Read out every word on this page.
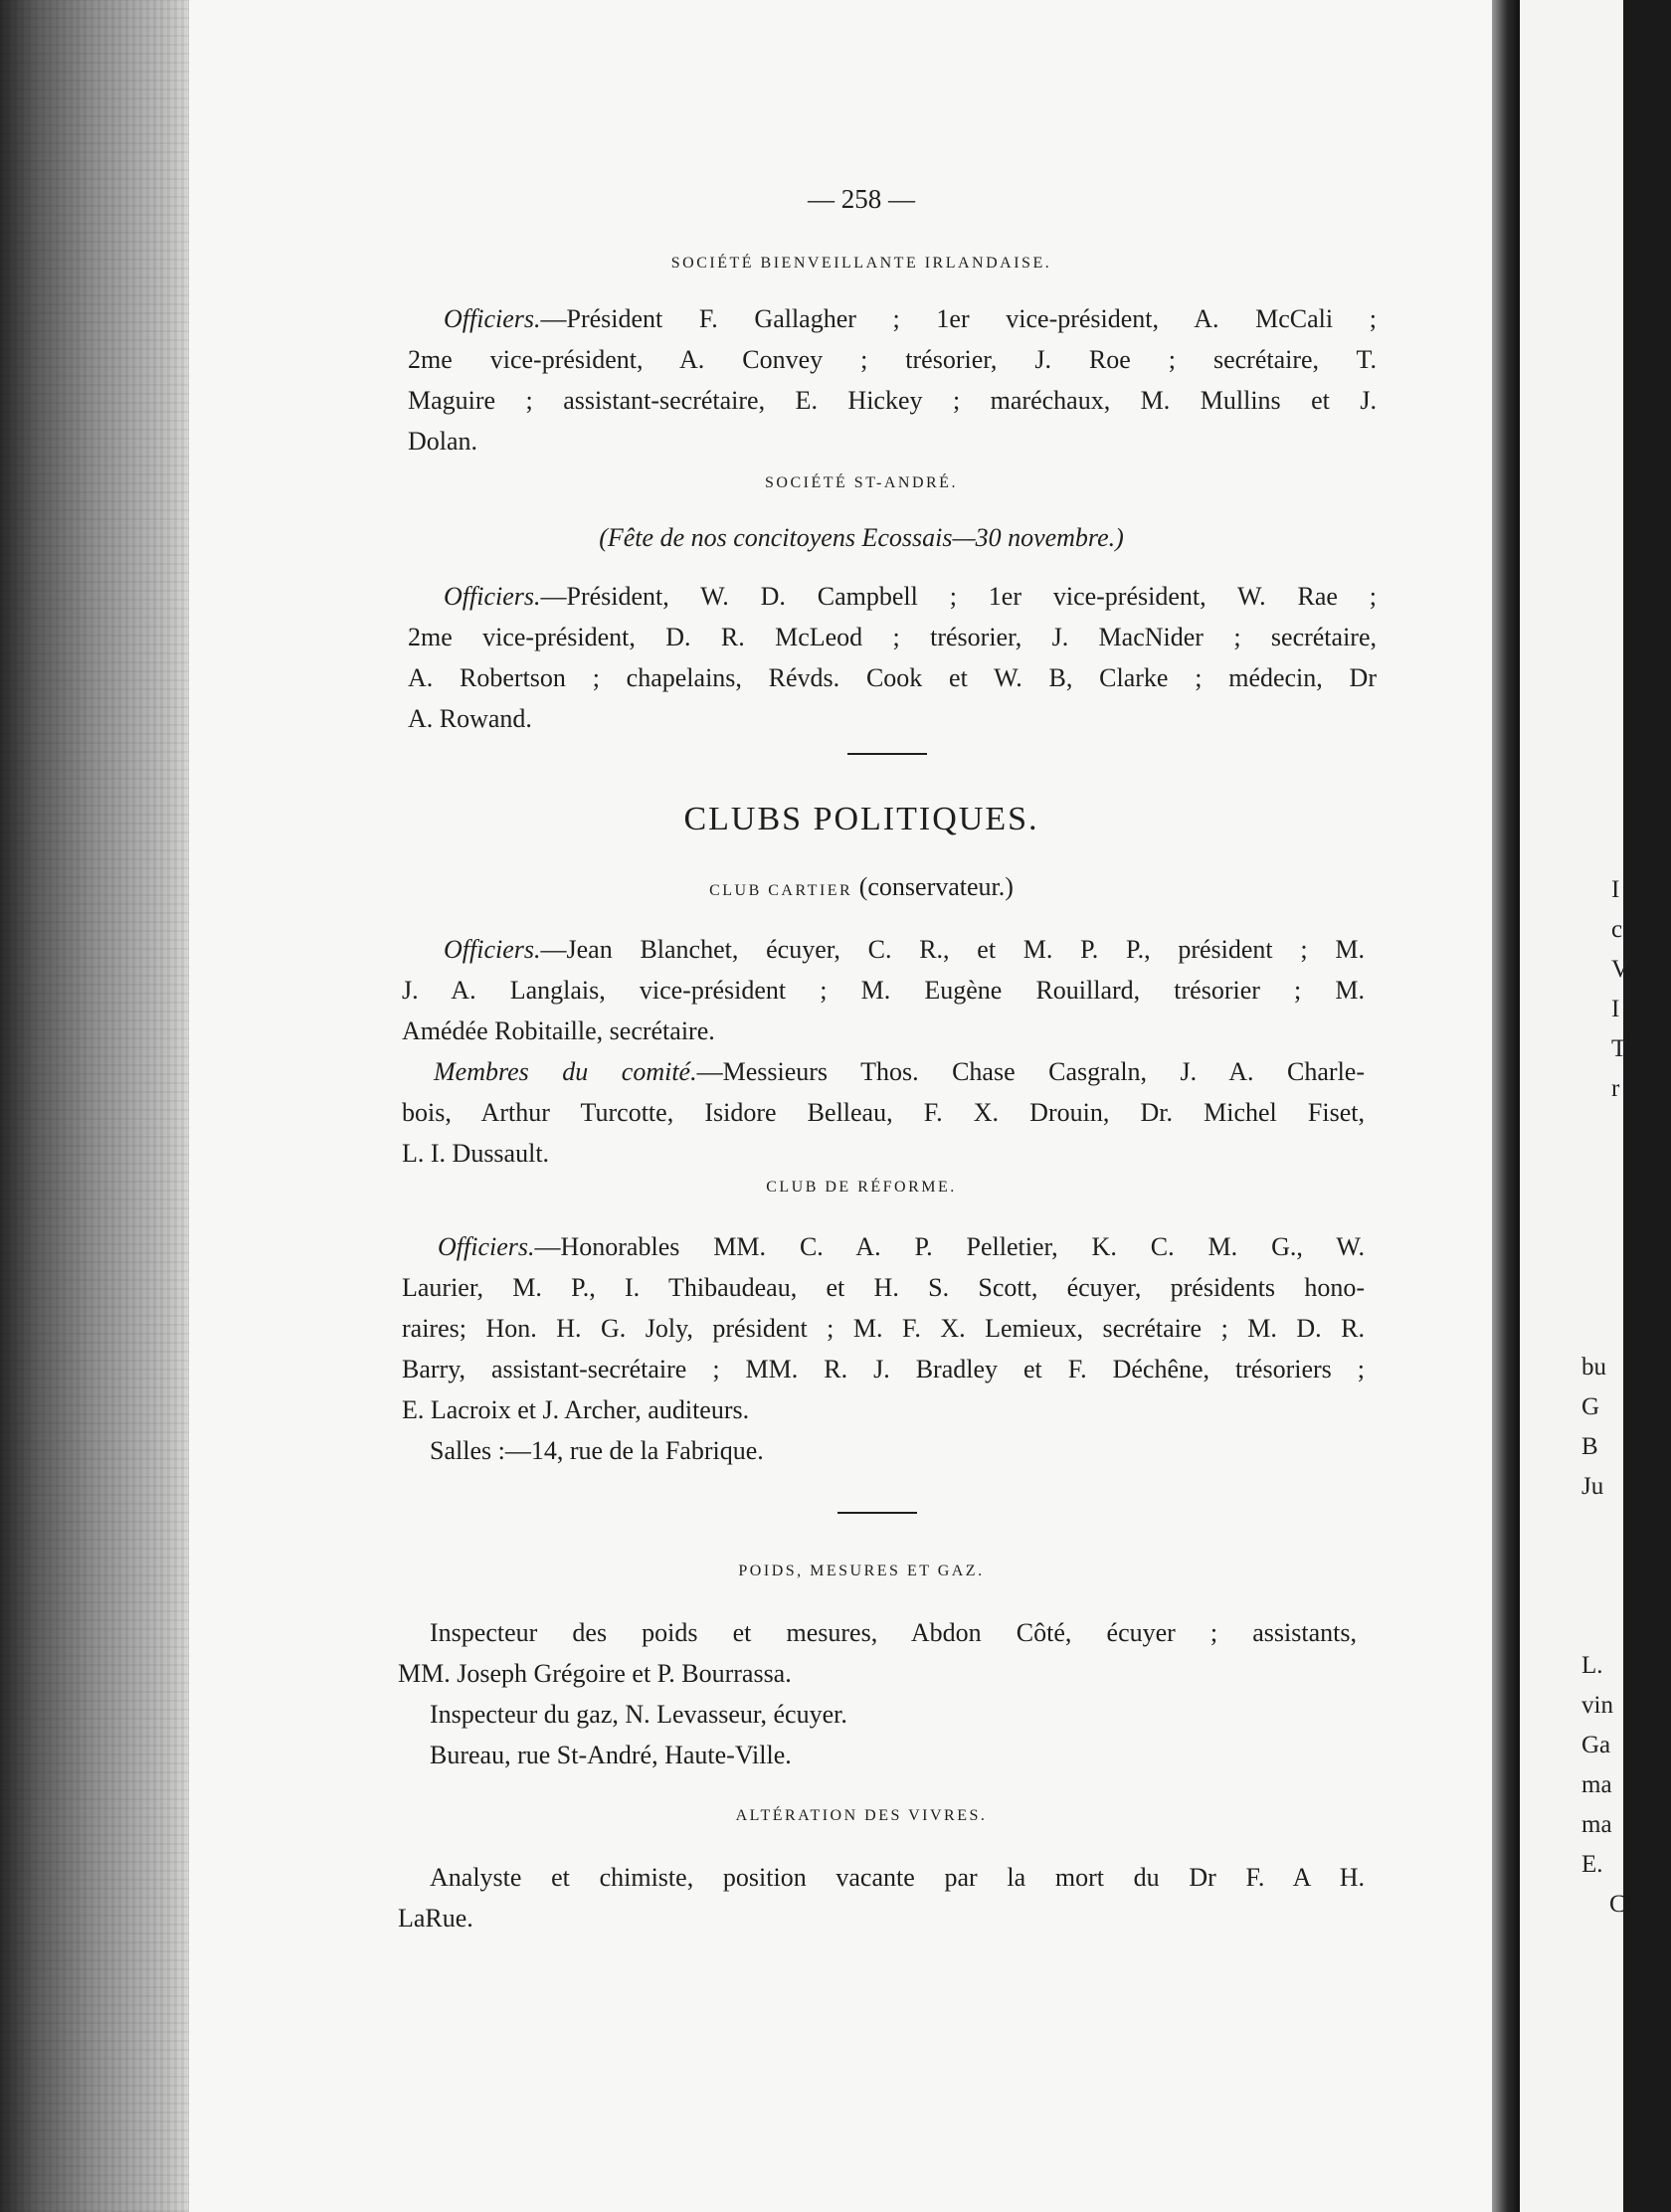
I
c
V
I
T
r
bu
G
B
Ju
L.
vin
Ga
ma
ma
E.
C
— 258 —
SOCIÉTÉ BIENVEILLANTE IRLANDAISE.
Officiers.—Président F. Gallagher ; 1er vice-président, A. McCali ;
2me vice-président, A. Convey ; trésorier, J. Roe ; secrétaire, T.
Maguire ; assistant-secrétaire, E. Hickey ; maréchaux, M. Mullins et J.
Dolan.
SOCIÉTÉ ST-ANDRÉ.
(Fête de nos concitoyens Ecossais—30 novembre.)
Officiers.—Président, W. D. Campbell ; 1er vice-président, W. Rae ;
2me vice-président, D. R. McLeod ; trésorier, J. MacNider ; secrétaire,
A. Robertson ; chapelains, Révds. Cook et W. B, Clarke ; médecin, Dr
A. Rowand.
CLUBS POLITIQUES.
CLUB CARTIER (conservateur.)
Officiers.—Jean Blanchet, écuyer, C. R., et M. P. P., président ; M.
J. A. Langlais, vice-président ; M. Eugène Rouillard, trésorier ; M.
Amédée Robitaille, secrétaire.
Membres du comité.—Messieurs Thos. Chase Casgraln, J. A. Charle-
bois, Arthur Turcotte, Isidore Belleau, F. X. Drouin, Dr. Michel Fiset,
L. I. Dussault.
CLUB DE RÉFORME.
Officiers.—Honorables MM. C. A. P. Pelletier, K. C. M. G., W.
Laurier, M. P., I. Thibaudeau, et H. S. Scott, écuyer, présidents hono-
raires; Hon. H. G. Joly, président ; M. F. X. Lemieux, secrétaire ; M. D. R.
Barry, assistant-secrétaire ; MM. R. J. Bradley et F. Déchêne, trésoriers ;
E. Lacroix et J. Archer, auditeurs.
Salles :—14, rue de la Fabrique.
POIDS, MESURES ET GAZ.
Inspecteur des poids et mesures, Abdon Côté, écuyer ; assistants,
MM. Joseph Grégoire et P. Bourrassa.
Inspecteur du gaz, N. Levasseur, écuyer.
Bureau, rue St-André, Haute-Ville.
ALTÉRATION DES VIVRES.
Analyste et chimiste, position vacante par la mort du Dr F. A H.
LaRue.
